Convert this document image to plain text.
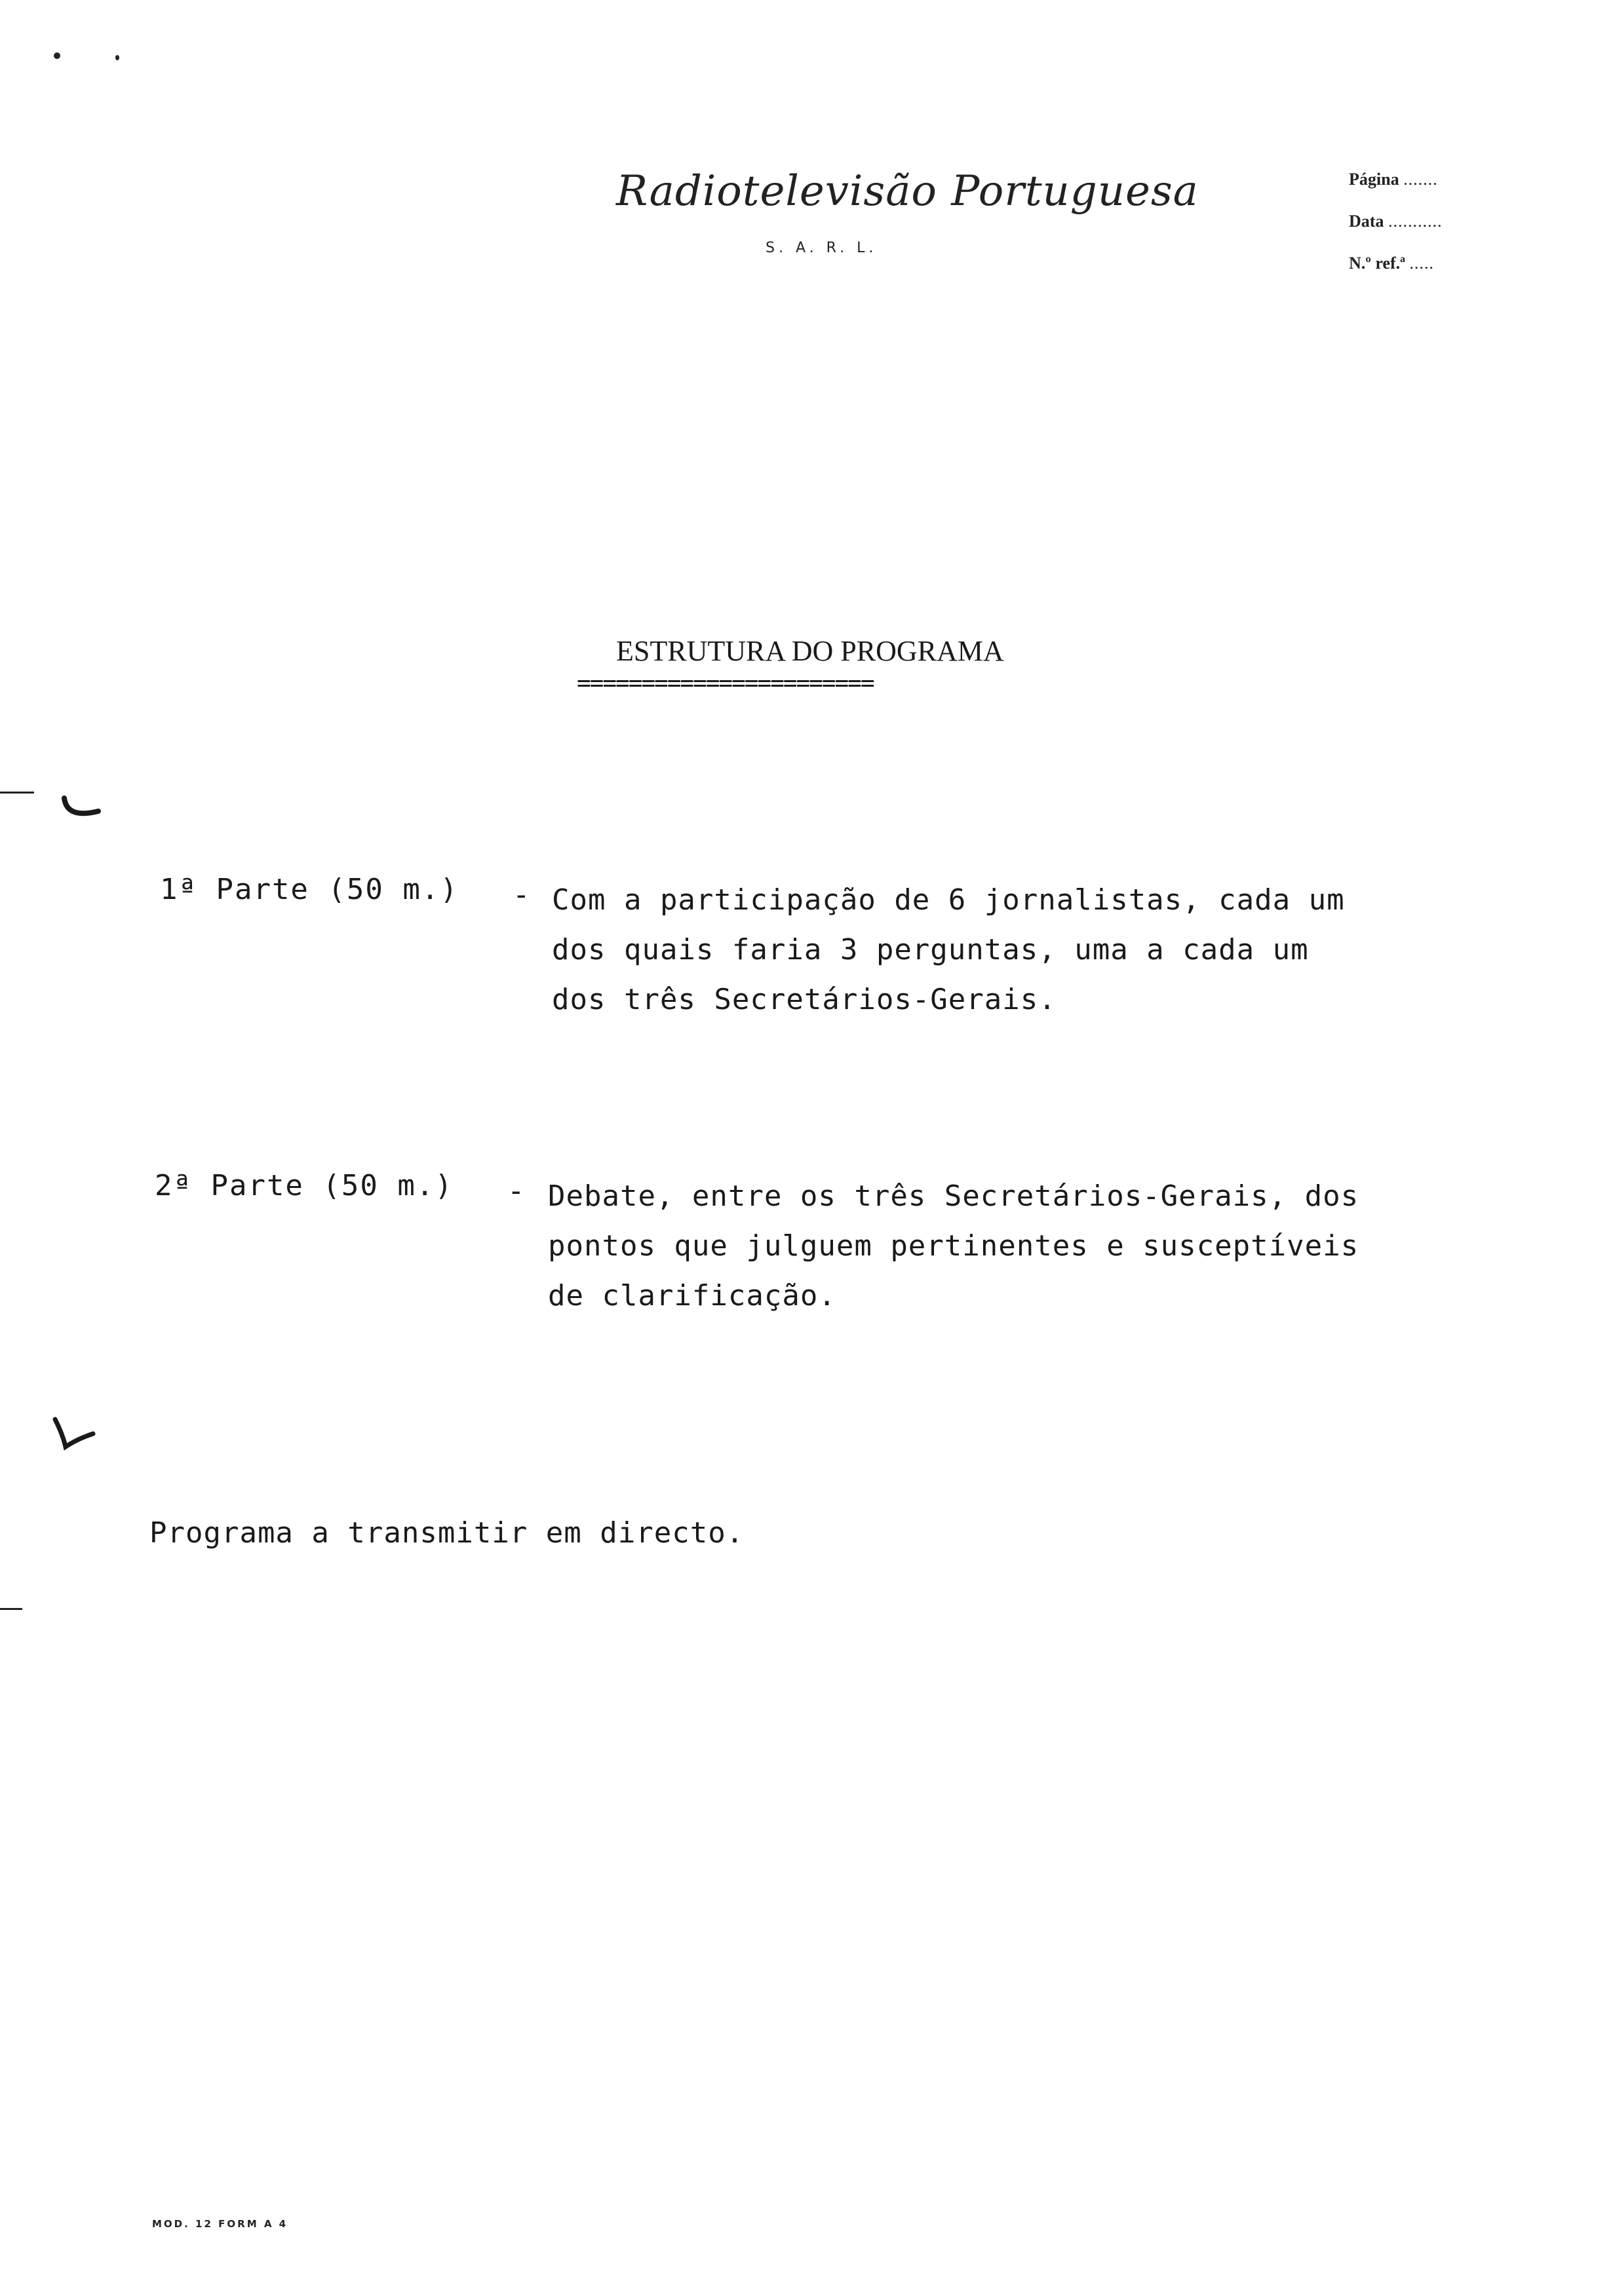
Radiotelevisão Portuguesa
S. A. R. L.
Página .......
Data ...........
N.º ref.ª .....
ESTRUTURA DO PROGRAMA
=======================
1ª Parte (50 m.) - Com a participação de 6 jornalistas, cada um
dos quais faria 3 perguntas, uma a cada um
dos três Secretários-Gerais.
2ª Parte (50 m.) - Debate, entre os três Secretários-Gerais, dos
pontos que julguem pertinentes e susceptíveis
de clarificação.
Programa a transmitir em directo.
MOD. 12 FORM A 4
